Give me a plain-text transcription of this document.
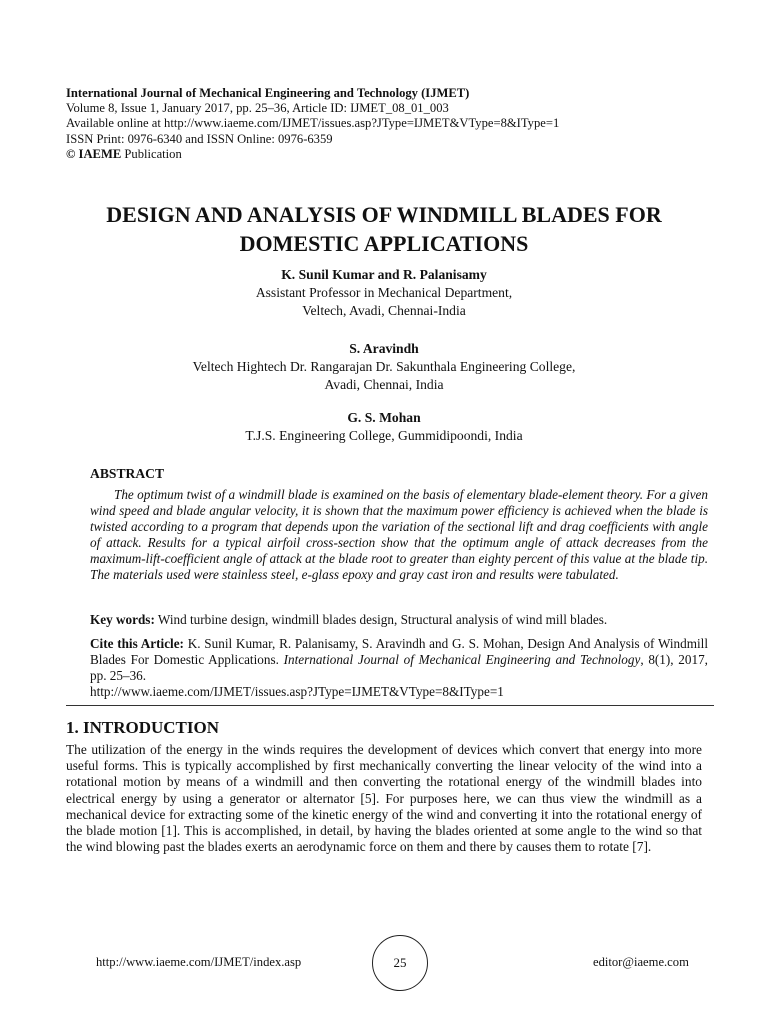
International Journal of Mechanical Engineering and Technology (IJMET)
Volume 8, Issue 1, January 2017, pp. 25–36, Article ID: IJMET_08_01_003
Available online at http://www.iaeme.com/IJMET/issues.asp?JType=IJMET&VType=8&IType=1
ISSN Print: 0976-6340 and ISSN Online: 0976-6359
© IAEME Publication
DESIGN AND ANALYSIS OF WINDMILL BLADES FOR
DOMESTIC APPLICATIONS
K. Sunil Kumar and R. Palanisamy
Assistant Professor in Mechanical Department,
Veltech, Avadi, Chennai-India
S. Aravindh
Veltech Hightech Dr. Rangarajan Dr. Sakunthala Engineering College,
Avadi, Chennai, India
G. S. Mohan
T.J.S. Engineering College, Gummidipoondi, India
ABSTRACT

The optimum twist of a windmill blade is examined on the basis of elementary blade-element theory. For a given wind speed and blade angular velocity, it is shown that the maximum power efficiency is achieved when the blade is twisted according to a program that depends upon the variation of the sectional lift and drag coefficients with angle of attack. Results for a typical airfoil cross-section show that the optimum angle of attack decreases from the maximum-lift-coefficient angle of attack at the blade root to greater than eighty percent of this value at the blade tip. The materials used were stainless steel, e-glass epoxy and gray cast iron and results were tabulated.

Key words: Wind turbine design, windmill blades design, Structural analysis of wind mill blades.

Cite this Article: K. Sunil Kumar, R. Palanisamy, S. Aravindh and G. S. Mohan, Design And Analysis of Windmill Blades For Domestic Applications. International Journal of Mechanical Engineering and Technology, 8(1), 2017, pp. 25–36.
http://www.iaeme.com/IJMET/issues.asp?JType=IJMET&VType=8&IType=1

1. INTRODUCTION

The utilization of the energy in the winds requires the development of devices which convert that energy into more useful forms. This is typically accomplished by first mechanically converting the linear velocity of the wind into a rotational motion by means of a windmill and then converting the rotational energy of the windmill blades into electrical energy by using a generator or alternator [5]. For purposes here, we can thus view the windmill as a mechanical device for extracting some of the kinetic energy of the wind and converting it into the rotational energy of the blade motion [1]. This is accomplished, in detail, by having the blades oriented at some angle to the wind so that the wind blowing past the blades exerts an aerodynamic force on them and there by causes them to rotate [7].

http://www.iaeme.com/IJMET/index.asp	25	editor@iaeme.com
